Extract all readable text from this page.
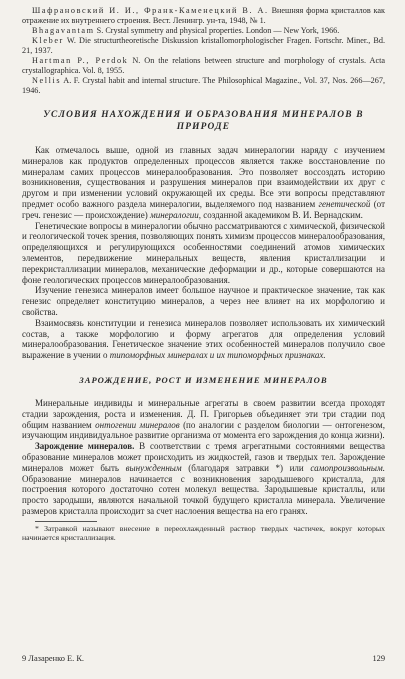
Шафрановский И. И., Франк-Каменецкий В. А. Внешняя форма кристаллов как отражение их внутреннего строения. Вест. Ленингр. ун-та, 1948, № 1.

Bhagavantam S. Crystal symmetry and physical properties. London — New York, 1966.

Kleber W. Die structurtheoretische Diskussion kristallomorphologischer Fragen. Fortschr. Miner., Bd. 21, 1937.

Hartman P., Perdok N. On the relations between structure and morphology of crystals. Acta crystallographica. Vol. 8, 1955.

Nellis A. F. Crystal habit and internal structure. The Philosophical Magazine., Vol. 37, Nos. 266—267, 1946.

УСЛОВИЯ НАХОЖДЕНИЯ И ОБРАЗОВАНИЯ МИНЕРАЛОВ В ПРИРОДЕ

Как отмечалось выше, одной из главных задач минералогии наряду с изучением минералов как продуктов определенных процессов является также восстановление по минералам самих процессов минералообразования. Это позволяет воссоздать историю возникновения, существования и разрушения минералов при взаимодействии их друг с другом и при изменении условий окружающей их среды. Все эти вопросы представляют предмет особо важного раздела минералогии, выделяемого под названием генетической (от греч. генезис — происхождение) минералогии, созданной академиком В. И. Вернадским.

Генетические вопросы в минералогии обычно рассматриваются с химической, физической и геологической точек зрения, позволяющих понять химизм процессов минералообразования, определяющихся и регулирующихся особенностями соединений атомов химических элементов, передвижение минеральных веществ, явления кристаллизации и перекристаллизации минералов, механические деформации и др., которые совершаются на фоне геологических процессов минералообразования.

Изучение генезиса минералов имеет большое научное и практическое значение, так как генезис определяет конституцию минералов, а через нее влияет на их морфологию и свойства.

Взаимосвязь конституции и генезиса минералов позволяет использовать их химический состав, а также морфологию и форму агрегатов для определения условий минералообразования. Генетическое значение этих особенностей минералов получило свое выражение в учении о типоморфных минералах и их типоморфных признаках.

ЗАРОЖДЕНИЕ, РОСТ И ИЗМЕНЕНИЕ МИНЕРАЛОВ

Минеральные индивиды и минеральные агрегаты в своем развитии всегда проходят стадии зарождения, роста и изменения. Д. П. Григорьев объединяет эти три стадии под общим названием онтогении минералов (по аналогии с разделом биологии — онтогенезом, изучающим индивидуальное развитие организма от момента его зарождения до конца жизни).

Зарождение минералов. В соответствии с тремя агрегатными состояниями вещества образование минералов может происходить из жидкостей, газов и твердых тел. Зарождение минералов может быть вынужденным (благодаря затравки *) или самопроизвольным. Образование минералов начинается с возникновения зародышевого кристалла, для построения которого достаточно сотен молекул вещества. Зародышевые кристаллы, или просто зародыши, являются начальной точкой будущего кристалла минерала. Увеличение размеров кристалла происходит за счет наслоения вещества на его гранях.

* Затравкой называют внесение в переохлажденный раствор твердых частичек, вокруг которых начинается кристаллизация.

9 Лазаренко Е. К.	129
